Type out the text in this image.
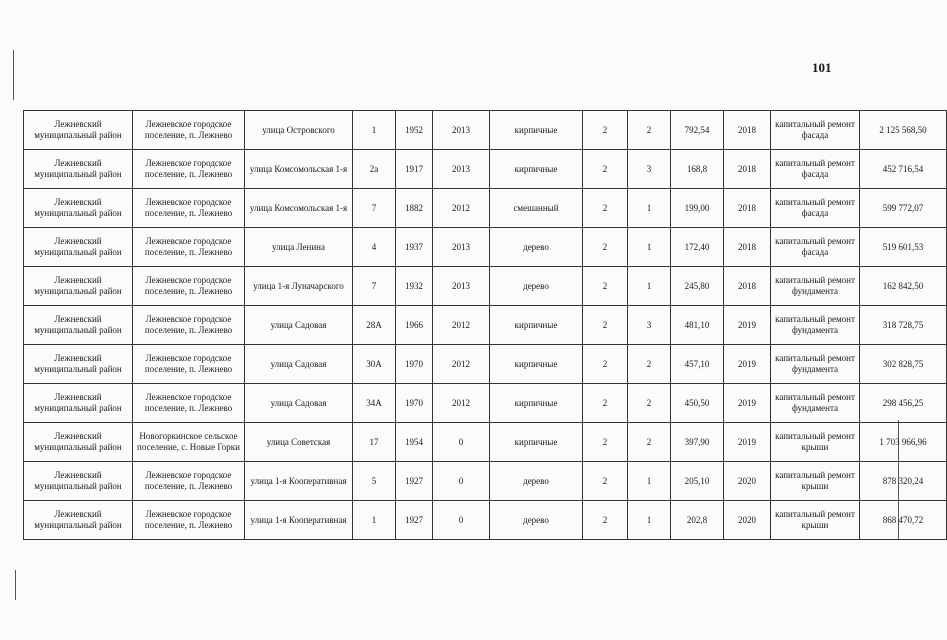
101
Лежневский муниципальный район	Лежневское городское поселение, п. Лежнево	улица Островского	1	1952	2013	кирпичные	2	2	792,54	2018	капитальный ремонт фасада	2 125 568,50
Лежневский муниципальный район	Лежневское городское поселение, п. Лежнево	улица Комсомольская 1-я	2а	1917	2013	кирпичные	2	3	168,8	2018	капитальный ремонт фасада	452 716,54
Лежневский муниципальный район	Лежневское городское поселение, п. Лежнево	улица Комсомольская 1-я	7	1882	2012	смешанный	2	1	199,00	2018	капитальный ремонт фасада	599 772,07
Лежневский муниципальный район	Лежневское городское поселение, п. Лежнево	улица Ленина	4	1937	2013	дерево	2	1	172,40	2018	капитальный ремонт фасада	519 601,53
Лежневский муниципальный район	Лежневское городское поселение, п. Лежнево	улица 1-я Луначарского	7	1932	2013	дерево	2	1	245,80	2018	капитальный ремонт фундамента	162 842,50
Лежневский муниципальный район	Лежневское городское поселение, п. Лежнево	улица Садовая	28А	1966	2012	кирпичные	2	3	481,10	2019	капитальный ремонт фундамента	318 728,75
Лежневский муниципальный район	Лежневское городское поселение, п. Лежнево	улица Садовая	30А	1970	2012	кирпичные	2	2	457,10	2019	капитальный ремонт фундамента	302 828,75
Лежневский муниципальный район	Лежневское городское поселение, п. Лежнево	улица Садовая	34А	1970	2012	кирпичные	2	2	450,50	2019	капитальный ремонт фундамента	298 456,25
Лежневский муниципальный район	Новогоркинское сельское поселение, с. Новые Горки	улица Советская	17	1954	0	кирпичные	2	2	397,90	2019	капитальный ремонт крыши	1 703 966,96
Лежневский муниципальный район	Лежневское городское поселение, п. Лежнево	улица 1-я Кооперативная	5	1927	0	дерево	2	1	205,10	2020	капитальный ремонт крыши	878 320,24
Лежневский муниципальный район	Лежневское городское поселение, п. Лежнево	улица 1-я Кооперативная	1	1927	0	дерево	2	1	202,8	2020	капитальный ремонт крыши	868 470,72
